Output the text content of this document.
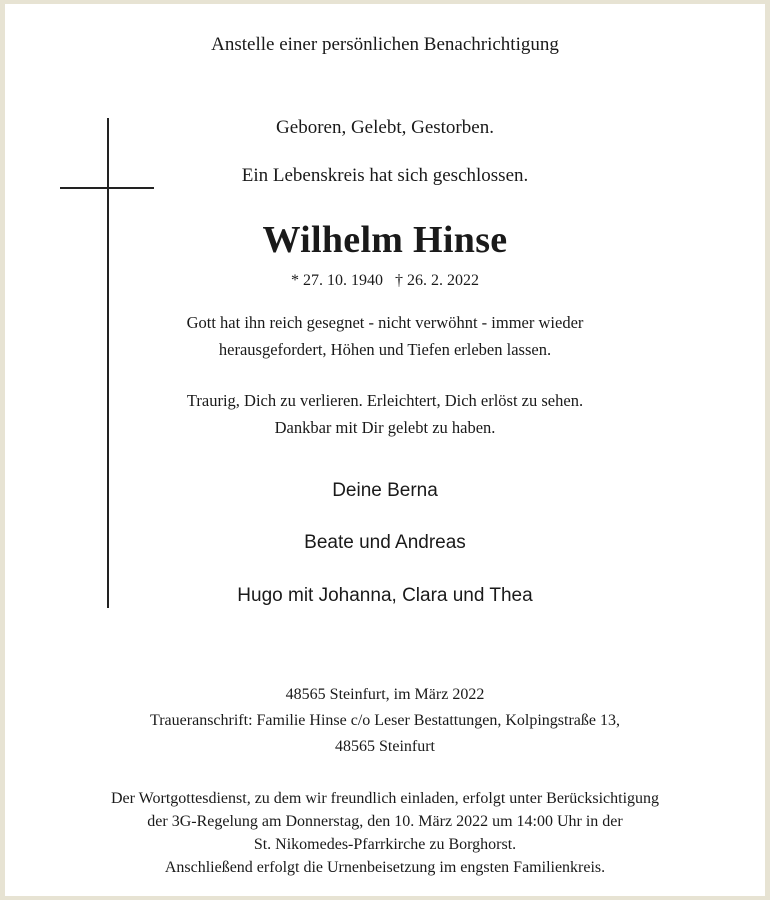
Anstelle einer persönlichen Benachrichtigung
Geboren, Gelebt, Gestorben.
Ein Lebenskreis hat sich geschlossen.
Wilhelm Hinse
* 27. 10. 1940   † 26. 2. 2022
Gott hat ihn reich gesegnet - nicht verwöhnt - immer wieder
herausgefordert, Höhen und Tiefen erleben lassen.
Traurig, Dich zu verlieren. Erleichtert, Dich erlöst zu sehen.
Dankbar mit Dir gelebt zu haben.
Deine Berna
Beate und Andreas
Hugo mit Johanna, Clara und Thea
48565 Steinfurt, im März 2022
Traueranschrift: Familie Hinse c/o Leser Bestattungen, Kolpingstraße 13,
48565 Steinfurt
Der Wortgottesdienst, zu dem wir freundlich einladen, erfolgt unter Berücksichtigung
der 3G-Regelung am Donnerstag, den 10. März 2022 um 14:00 Uhr in der
St. Nikomedes-Pfarrkirche zu Borghorst.
Anschließend erfolgt die Urnenbeisetzung im engsten Familienkreis.
